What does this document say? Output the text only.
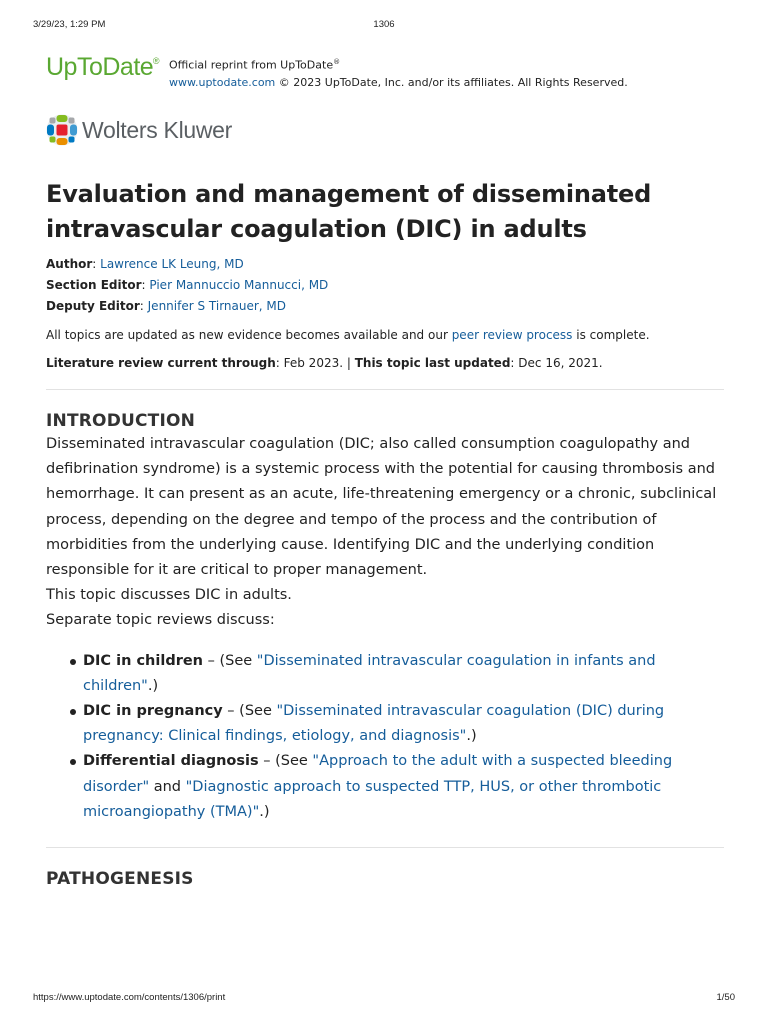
3/29/23, 1:29 PM	1306
UpToDate ® Official reprint from UpToDate®
www.uptodate.com © 2023 UpToDate, Inc. and/or its affiliates. All Rights Reserved.
Wolters Kluwer
Evaluation and management of disseminated intravascular coagulation (DIC) in adults
Author: Lawrence LK Leung, MD
Section Editor: Pier Mannuccio Mannucci, MD
Deputy Editor: Jennifer S Tirnauer, MD
All topics are updated as new evidence becomes available and our peer review process is complete.
Literature review current through: Feb 2023. | This topic last updated: Dec 16, 2021.
INTRODUCTION

Disseminated intravascular coagulation (DIC; also called consumption coagulopathy and defibrination syndrome) is a systemic process with the potential for causing thrombosis and hemorrhage. It can present as an acute, life-threatening emergency or a chronic, subclinical process, depending on the degree and tempo of the process and the contribution of morbidities from the underlying cause. Identifying DIC and the underlying condition responsible for it are critical to proper management.

This topic discusses DIC in adults.

Separate topic reviews discuss:

DIC in children – (See "Disseminated intravascular coagulation in infants and children".)
DIC in pregnancy – (See "Disseminated intravascular coagulation (DIC) during pregnancy: Clinical findings, etiology, and diagnosis".)
Differential diagnosis – (See "Approach to the adult with a suspected bleeding disorder" and "Diagnostic approach to suspected TTP, HUS, or other thrombotic microangiopathy (TMA)".)
PATHOGENESIS
https://www.uptodate.com/contents/1306/print	1/50
